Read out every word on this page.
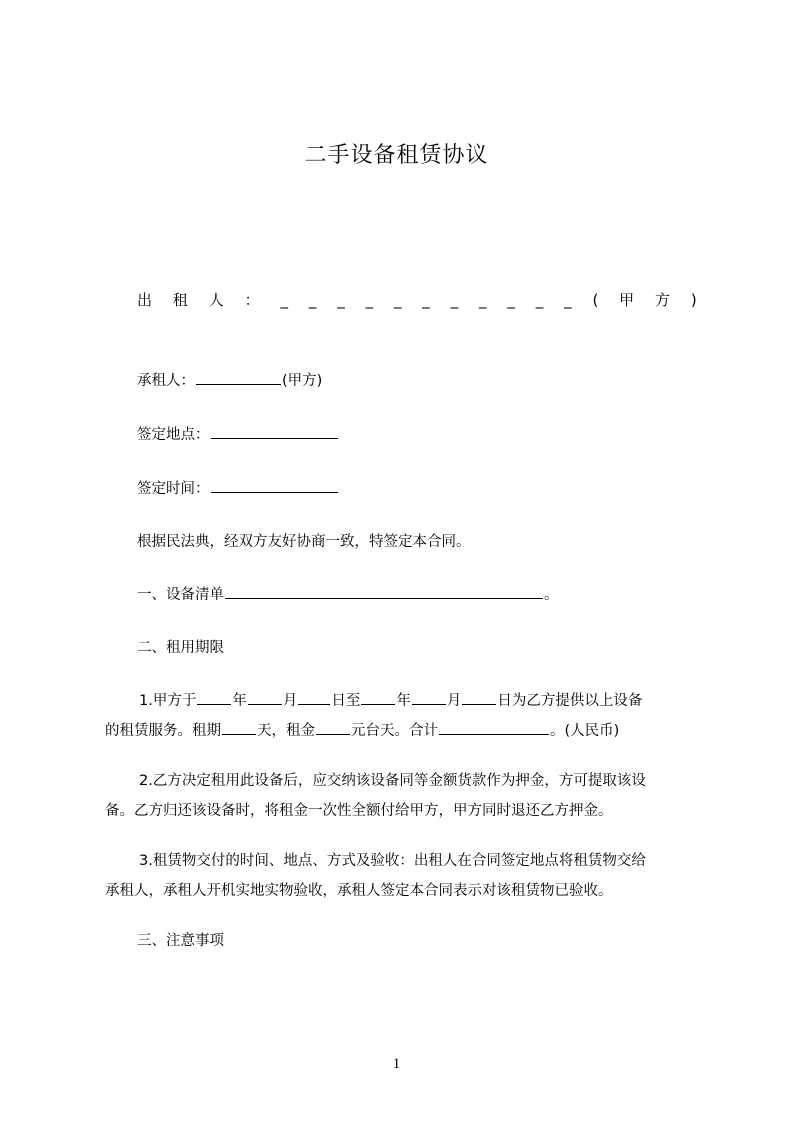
二手设备租赁协议
出 租 人 ： _ _ _ _ _ _ _ _ _ _ _ ( 甲 方 )
承租人：	(甲方)
签定地点：
签定时间：
根据民法典，经双方友好协商一致，特签定本合同。
一、设备清单	。
二、租用期限
1.甲方于 年 月 日至 年 月 日为乙方提供以上设备
的租赁服务。租期 天，租金 元台天。合计	。(人民币)
2.乙方决定租用此设备后，应交纳该设备同等金额货款作为押金，方可提取该设
备。乙方归还该设备时，将租金一次性全额付给甲方，甲方同时退还乙方押金。
3.租赁物交付的时间、地点、方式及验收：出租人在合同签定地点将租赁物交给
承租人，承租人开机实地实物验收，承租人签定本合同表示对该租赁物已验收。
三、注意事项
1
